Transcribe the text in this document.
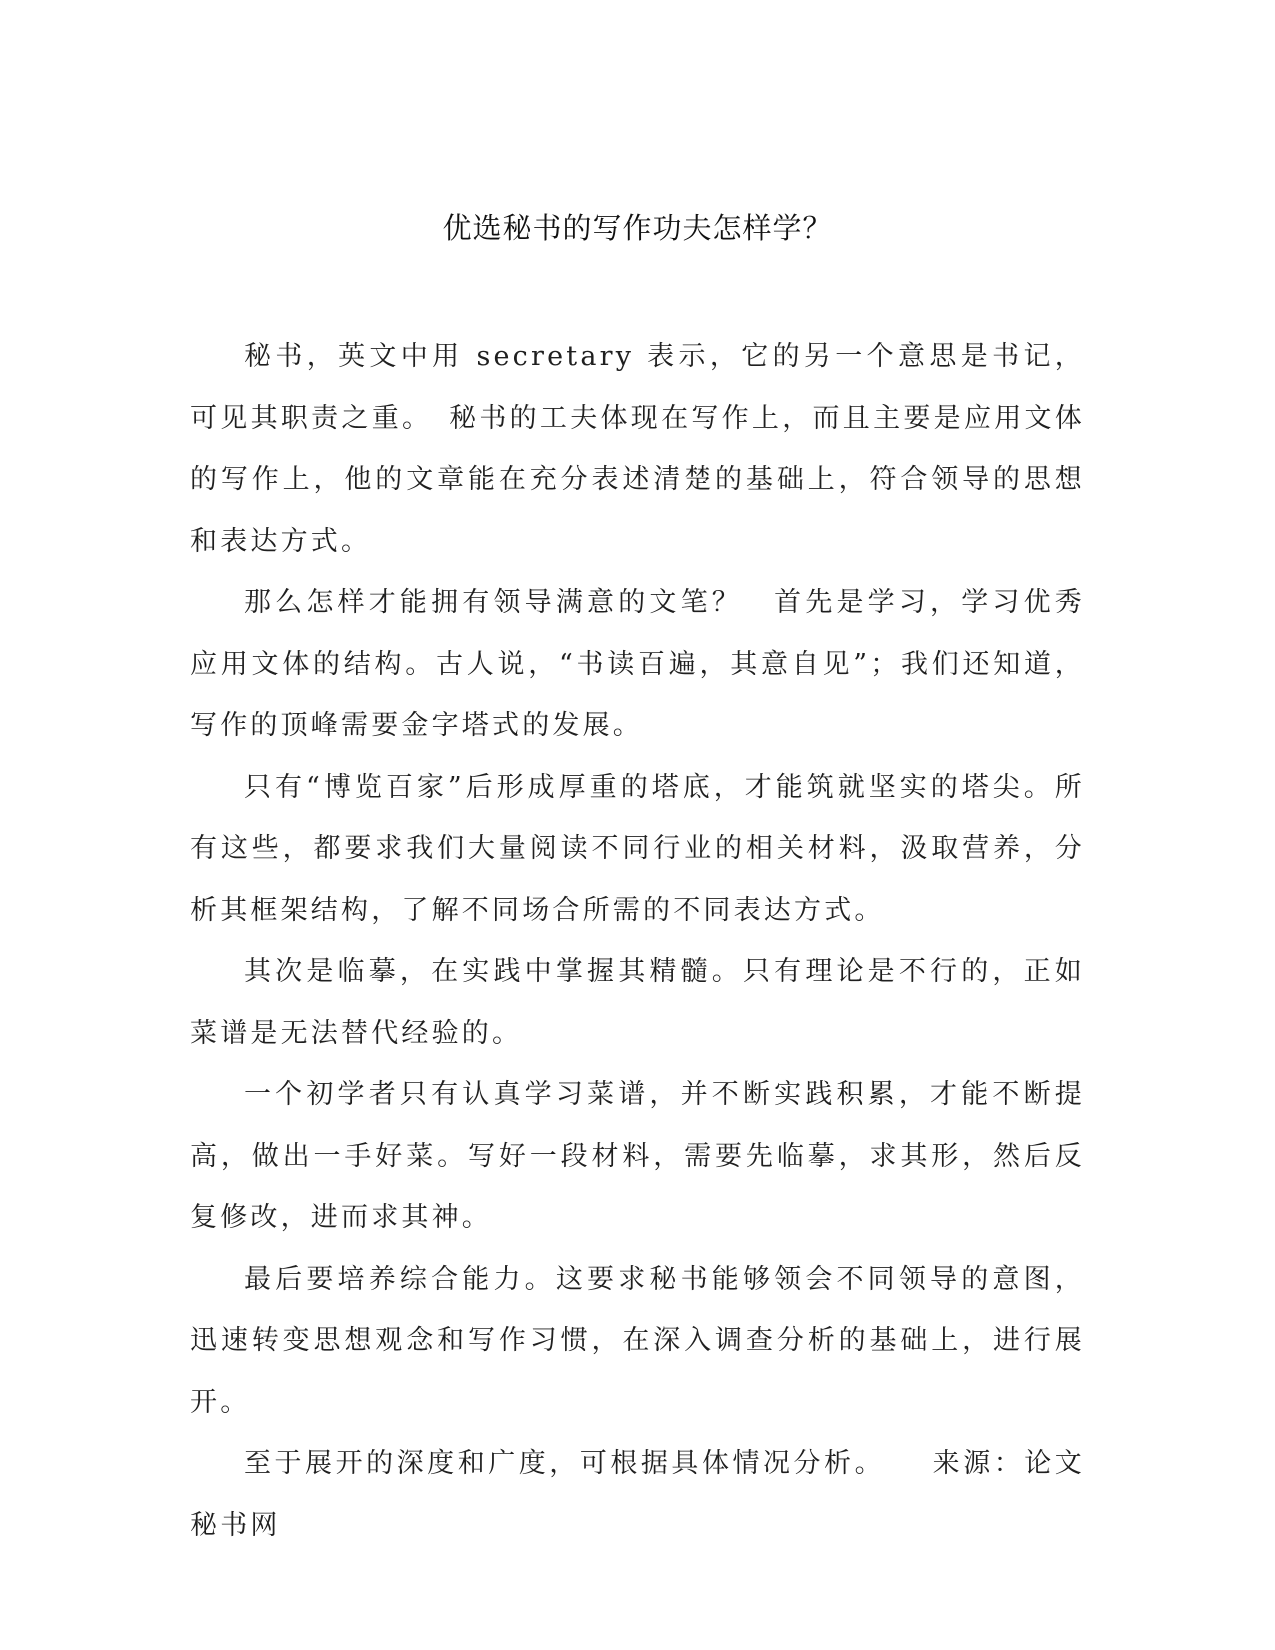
优选秘书的写作功夫怎样学？

秘书，英文中用 secretary 表示，它的另一个意思是书记，可见其职责之重。　秘书的工夫体现在写作上，而且主要是应用文体的写作上，他的文章能在充分表述清楚的基础上，符合领导的思想和表达方式。

那么怎样才能拥有领导满意的文笔？　首先是学习，学习优秀应用文体的结构。古人说，“书读百遍，其意自见”；我们还知道，写作的顶峰需要金字塔式的发展。

只有“博览百家”后形成厚重的塔底，才能筑就坚实的塔尖。所有这些，都要求我们大量阅读不同行业的相关材料，汲取营养，分析其框架结构，了解不同场合所需的不同表达方式。

其次是临摹，在实践中掌握其精髓。只有理论是不行的，正如菜谱是无法替代经验的。

一个初学者只有认真学习菜谱，并不断实践积累，才能不断提高，做出一手好菜。写好一段材料，需要先临摹，求其形，然后反复修改，进而求其神。

最后要培养综合能力。这要求秘书能够领会不同领导的意图，迅速转变思想观念和写作习惯，在深入调查分析的基础上，进行展开。

至于展开的深度和广度，可根据具体情况分析。　　来源：论文秘书网
